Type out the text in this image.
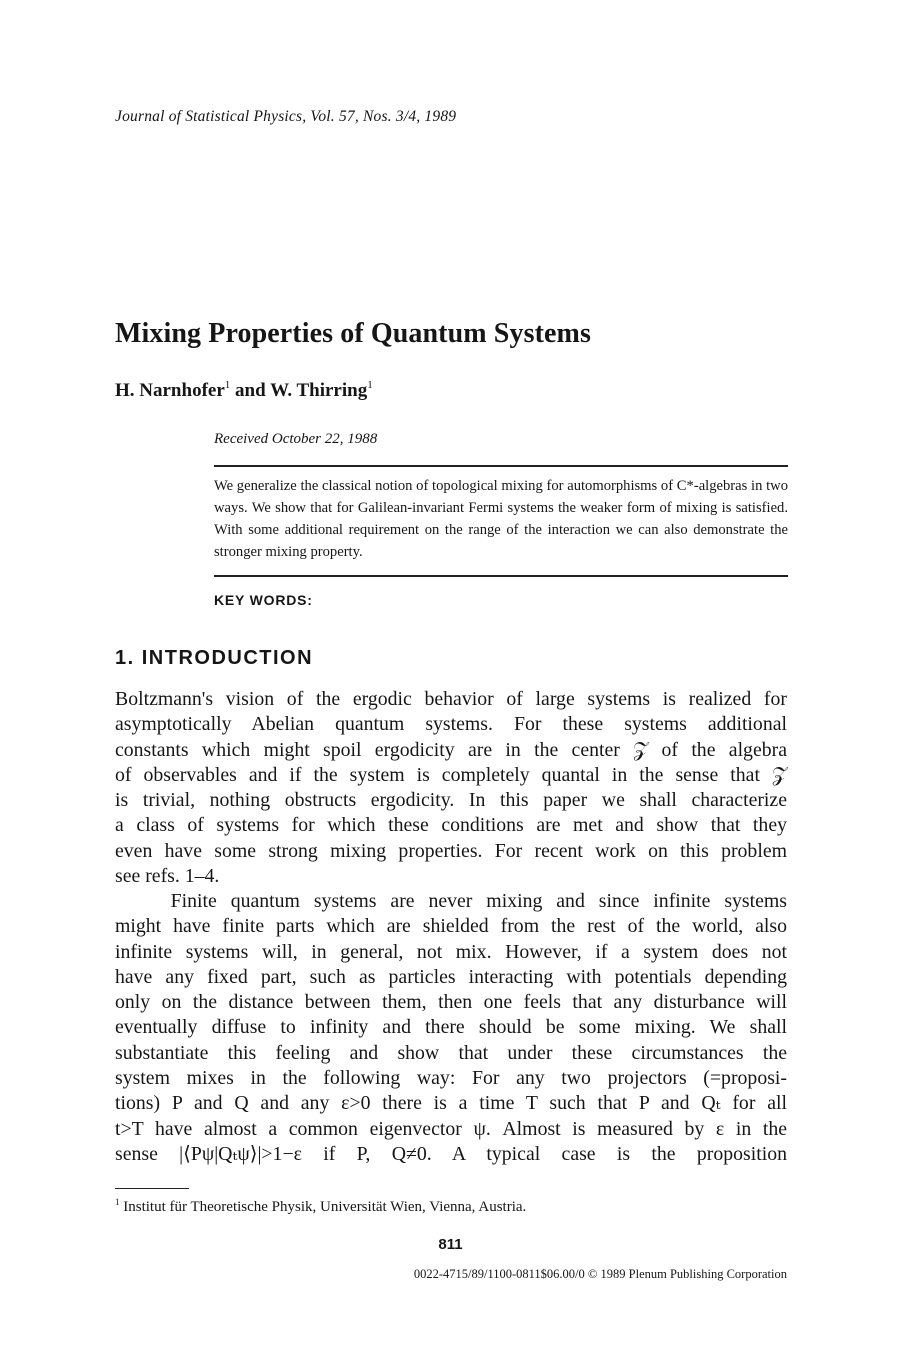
Journal of Statistical Physics, Vol. 57, Nos. 3/4, 1989
Mixing Properties of Quantum Systems
H. Narnhofer$^1$ and W. Thirring$^1$
Received October 22, 1988
We generalize the classical notion of topological mixing for automorphisms of C*-algebras in two ways. We show that for Galilean-invariant Fermi systems the weaker form of mixing is satisfied. With some additional requirement on the range of the interaction we can also demonstrate the stronger mixing property.
KEY WORDS:
1. INTRODUCTION
Boltzmann's vision of the ergodic behavior of large systems is realized for
asymptotically Abelian quantum systems. For these systems additional
constants which might spoil ergodicity are in the center 𝒵 of the algebra
of observables and if the system is completely quantal in the sense that 𝒵
is trivial, nothing obstructs ergodicity. In this paper we shall characterize
a class of systems for which these conditions are met and show that they
even have some strong mixing properties. For recent work on this problem
see refs. 1–4.
Finite quantum systems are never mixing and since infinite systems
might have finite parts which are shielded from the rest of the world, also
infinite systems will, in general, not mix. However, if a system does not
have any fixed part, such as particles interacting with potentials depending
only on the distance between them, then one feels that any disturbance will
eventually diffuse to infinity and there should be some mixing. We shall
substantiate this feeling and show that under these circumstances the
system mixes in the following way: For any two projectors (=proposi-
tions) P and Q and any ε>0 there is a time T such that P and Qₜ for all
t>T have almost a common eigenvector ψ. Almost is measured by ε in the
sense |⟨Pψ|Qₜψ⟩|>1−ε if P, Q≠0. A typical case is the proposition
$^1$ Institut für Theoretische Physik, Universität Wien, Vienna, Austria.
811
0022-4715/89/1100-0811$06.00/0 © 1989 Plenum Publishing Corporation
